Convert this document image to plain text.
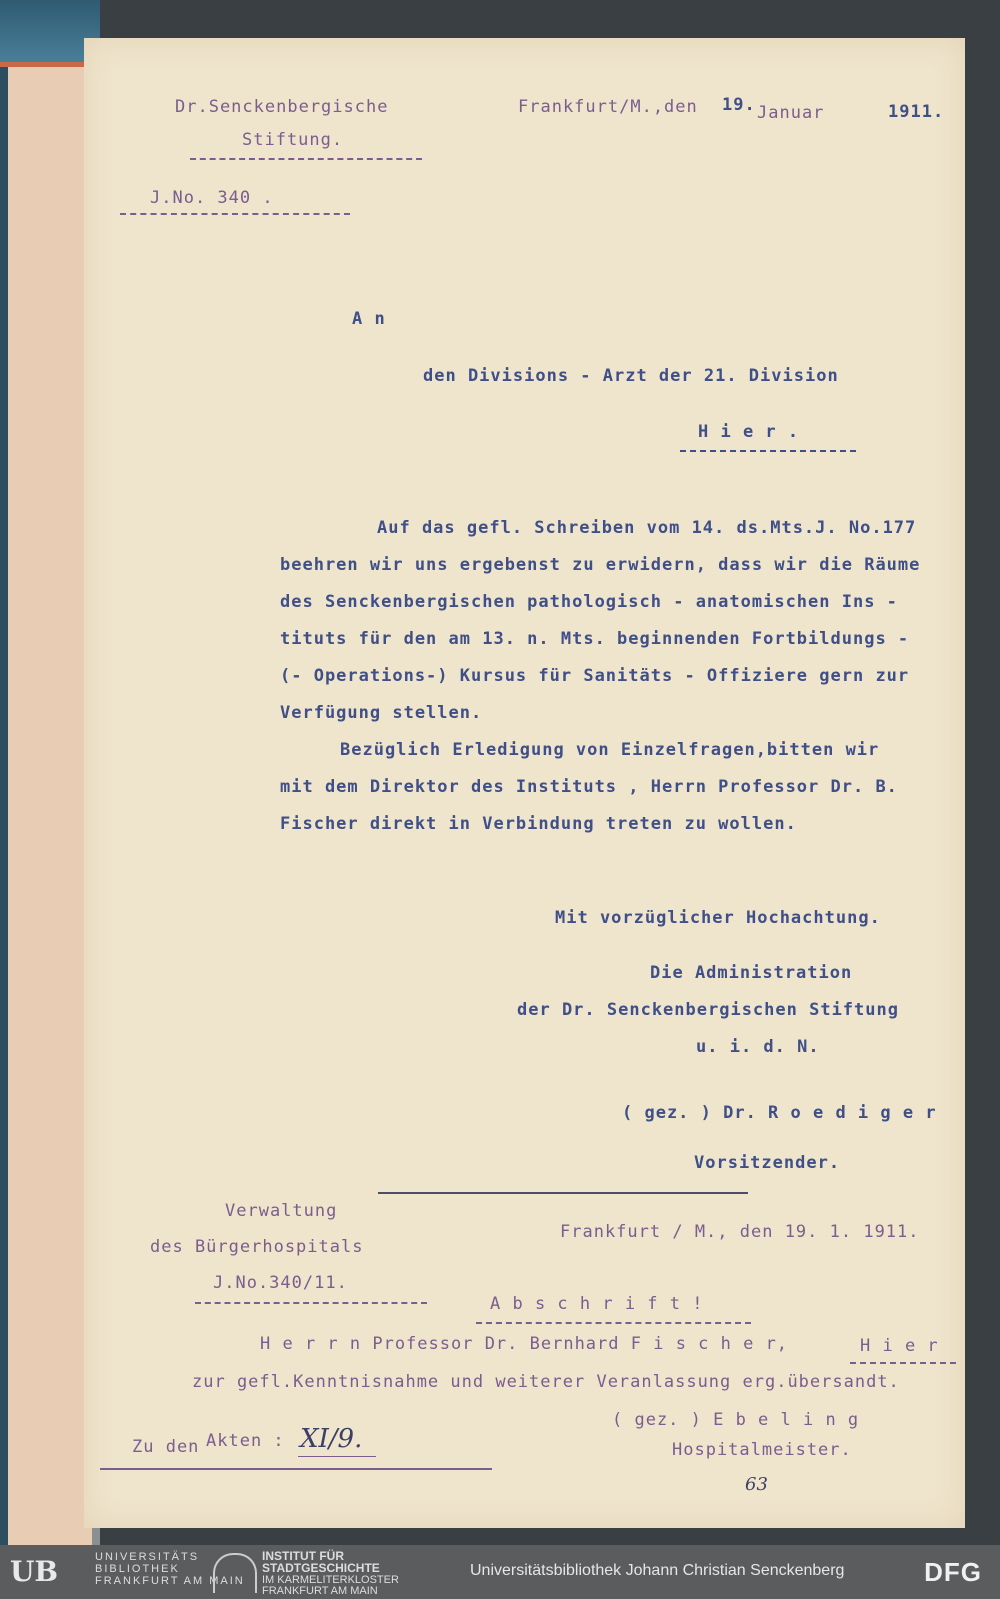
Dr.Senckenbergische
Stiftung.
J.No. 340 .
Frankfurt/M.,den 19. Januar	1911.
A n
den Divisions - Arzt der 21. Division
H i e r .
Auf das gefl. Schreiben vom 14. ds.Mts.J. No.177
beehren wir uns ergebenst zu erwidern, dass wir die Räume
des Senckenbergischen pathologisch - anatomischen Ins -
tituts für den am 13. n. Mts. beginnenden Fortbildungs -
(- Operations-) Kursus für Sanitäts - Offiziere gern zur
Verfügung stellen.
Bezüglich Erledigung von Einzelfragen,bitten wir
mit dem Direktor des Instituts , Herrn Professor Dr. B.
Fischer direkt in Verbindung treten zu wollen.
Mit vorzüglicher Hochachtung.
Die Administration
der Dr. Senckenbergischen Stiftung
u. i. d. N.
( gez. ) Dr. R o e d i g e r
Vorsitzender.
Verwaltung
des Bürgerhospitals
J.No.340/11.
Frankfurt / M., den 19. 1. 1911.
A b s c h r i f t !
H e r r n Professor Dr. Bernhard F i s c h e r,	H i e r
zur gefl.Kenntnisnahme und weiterer Veranlassung erg.übersandt.
( gez. ) E b e l i n g
Hospitalmeister.
Zu den Akten : XI/9.
63
UB	UNIVERSITÄTS
BIBLIOTHEK
FRANKFURT AM MAIN
INSTITUT FÜR
STADTGESCHICHTE
IM KARMELITERKLOSTER
FRANKFURT AM MAIN
Universitätsbibliothek Johann Christian Senckenberg	DFG
